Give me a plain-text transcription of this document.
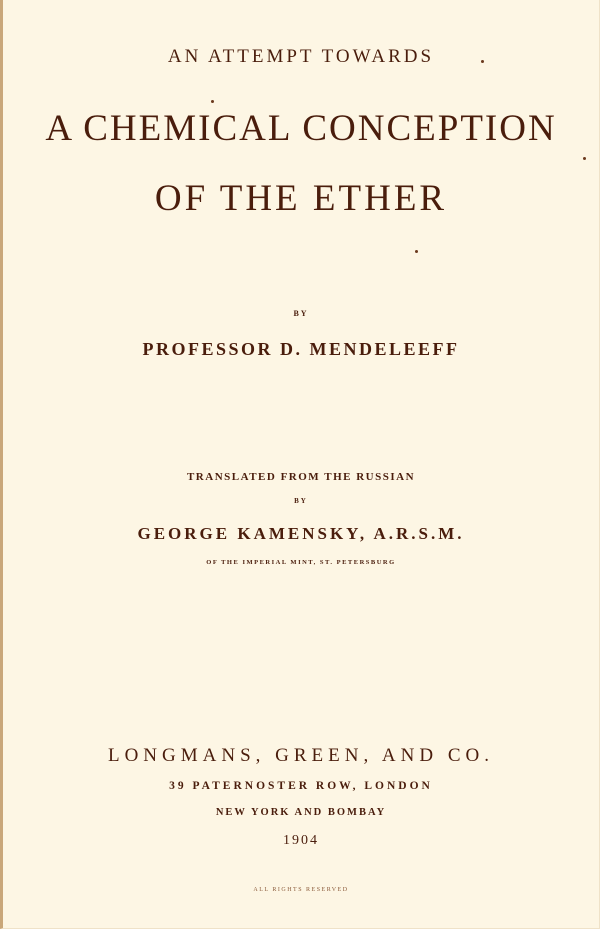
AN ATTEMPT TOWARDS
A CHEMICAL CONCEPTION
OF THE ETHER
BY
PROFESSOR D. MENDELEEFF
TRANSLATED FROM THE RUSSIAN
BY
GEORGE KAMENSKY, A.R.S.M.
OF THE IMPERIAL MINT, ST. PETERSBURG
LONGMANS, GREEN, AND CO.
39 PATERNOSTER ROW, LONDON
NEW YORK AND BOMBAY
1904
ALL RIGHTS RESERVED
